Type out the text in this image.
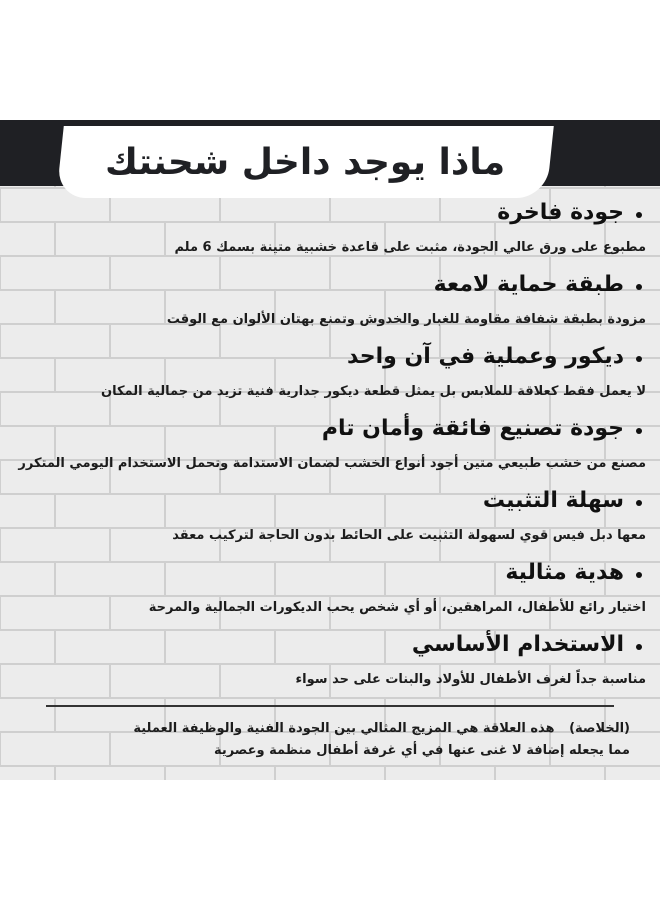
ماذا يوجد داخل شحنتك
جودة فاخرة
مطبوع على ورق عالي الجودة، مثبت على قاعدة خشبية متينة بسمك 6 ملم
طبقة حماية لامعة
مزودة بطبقة شفافة مقاومة للغبار والخدوش وتمنع بهتان الألوان مع الوقت
ديكور وعملية في آن واحد
لا يعمل فقط كعلاقة للملابس بل يمثل قطعة ديكور جدارية فنية تزيد من جمالية المكان
جودة تصنيع فائقة وأمان تام
مصنع من خشب طبيعي متين أجود أنواع الخشب لضمان الاستدامة وتحمل الاستخدام اليومي المتكرر
سهلة التثبيت
معها دبل فيس قوي لسهولة التثبيت على الحائط بدون الحاجة لتركيب معقد
هدية مثالية
اختيار رائع للأطفال، المراهقين، أو أي شخص يحب الديكورات الجمالية والمرحة
الاستخدام الأساسي
مناسبة جداً لغرف الأطفال للأولاد والبنات على حد سواء
(الخلاصة) هذه العلاقة هي المزيج المثالي بين الجودة الفنية والوظيفة العملية
مما يجعله إضافة لا غنى عنها في أي غرفة أطفال منظمة وعصرية
